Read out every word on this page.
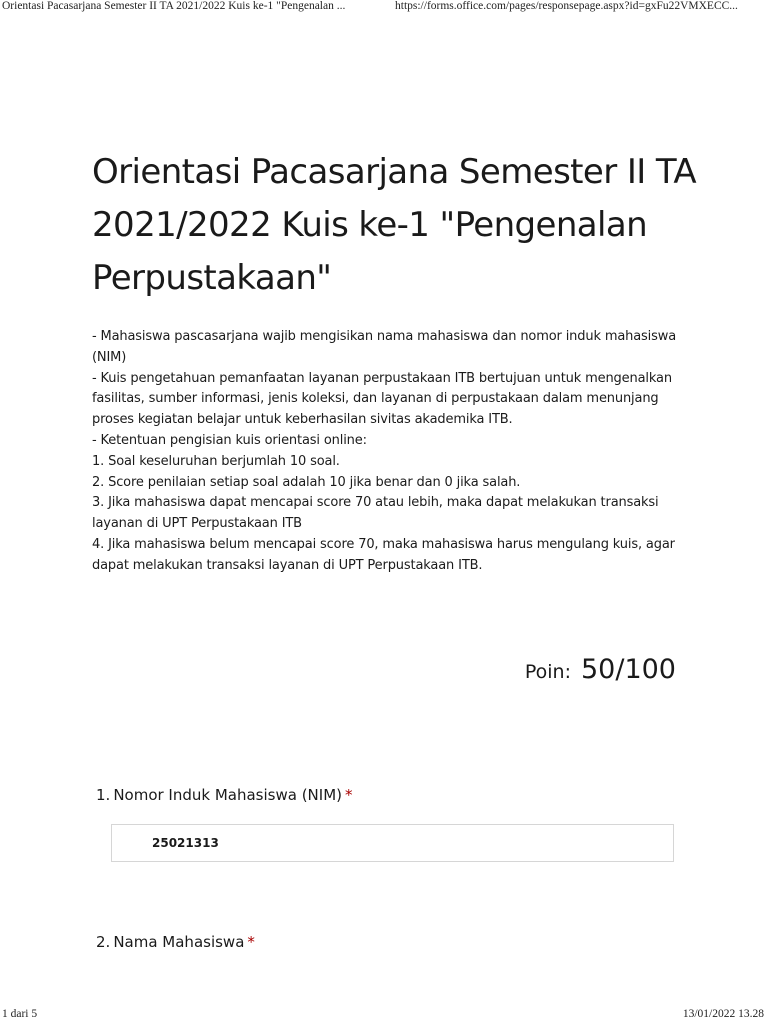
Orientasi Pacasarjana Semester II TA 2021/2022 Kuis ke-1 "Pengenalan ...	https://forms.office.com/pages/responsepage.aspx?id=gxFu22VMXECC...
Orientasi Pacasarjana Semester II TA 2021/2022 Kuis ke-1 "Pengenalan Perpustakaan"
- Mahasiswa pascasarjana wajib mengisikan nama mahasiswa dan nomor induk mahasiswa (NIM)
- Kuis pengetahuan pemanfaatan layanan perpustakaan ITB bertujuan untuk mengenalkan fasilitas, sumber informasi, jenis koleksi, dan layanan di perpustakaan dalam menunjang proses kegiatan belajar untuk keberhasilan sivitas akademika ITB.
- Ketentuan pengisian kuis orientasi online:
1. Soal keseluruhan berjumlah 10 soal.
2. Score penilaian setiap soal adalah 10 jika benar dan 0 jika salah.
3. Jika mahasiswa dapat mencapai score 70 atau lebih, maka dapat melakukan transaksi layanan di UPT Perpustakaan ITB
4. Jika mahasiswa belum mencapai score 70, maka mahasiswa harus mengulang kuis, agar dapat melakukan transaksi layanan di UPT Perpustakaan ITB.
Poin: 50/100
1. Nomor Induk Mahasiswa (NIM) *
25021313
2. Nama Mahasiswa *
1 dari 5	13/01/2022 13.28
